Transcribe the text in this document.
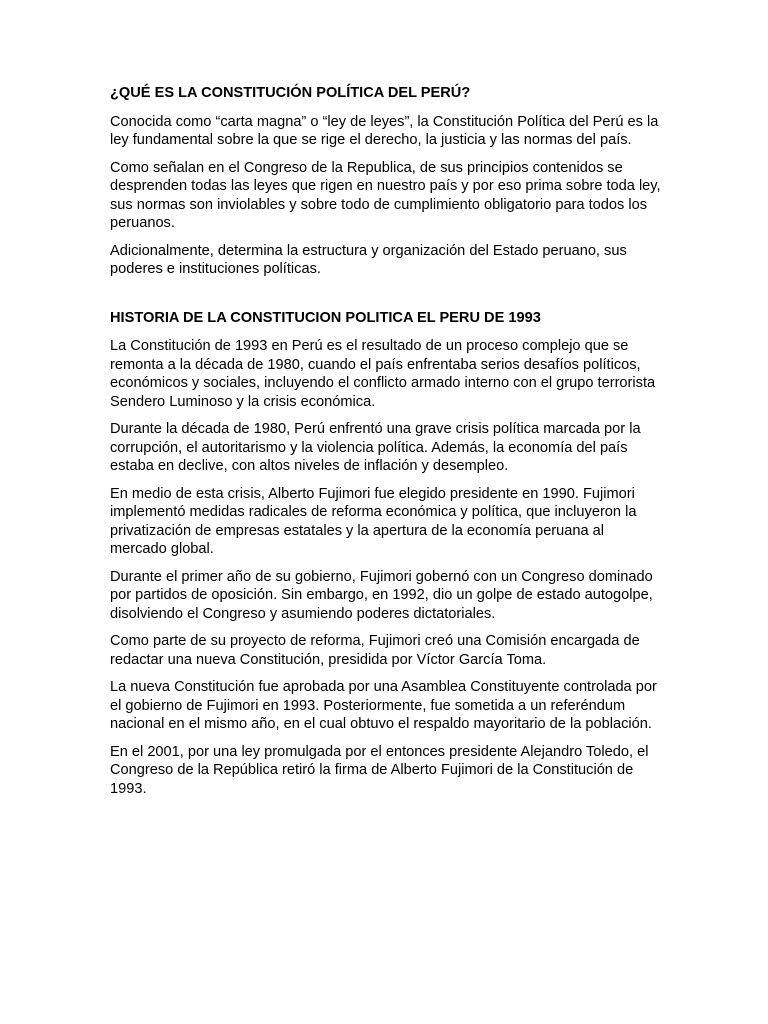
¿QUÉ ES LA CONSTITUCIÓN POLÍTICA DEL PERÚ?

Conocida como “carta magna” o “ley de leyes”, la Constitución Política del Perú es la ley fundamental sobre la que se rige el derecho, la justicia y las normas del país.

Como señalan en el Congreso de la Republica, de sus principios contenidos se desprenden todas las leyes que rigen en nuestro país y por eso prima sobre toda ley, sus normas son inviolables y sobre todo de cumplimiento obligatorio para todos los peruanos.

Adicionalmente, determina la estructura y organización del Estado peruano, sus poderes e instituciones políticas.

HISTORIA DE LA CONSTITUCION POLITICA EL PERU DE 1993

La Constitución de 1993 en Perú es el resultado de un proceso complejo que se remonta a la década de 1980, cuando el país enfrentaba serios desafíos políticos, económicos y sociales, incluyendo el conflicto armado interno con el grupo terrorista Sendero Luminoso y la crisis económica.

Durante la década de 1980, Perú enfrentó una grave crisis política marcada por la corrupción, el autoritarismo y la violencia política. Además, la economía del país estaba en declive, con altos niveles de inflación y desempleo.

En medio de esta crisis, Alberto Fujimori fue elegido presidente en 1990. Fujimori implementó medidas radicales de reforma económica y política, que incluyeron la privatización de empresas estatales y la apertura de la economía peruana al mercado global.

Durante el primer año de su gobierno, Fujimori gobernó con un Congreso dominado por partidos de oposición. Sin embargo, en 1992, dio un golpe de estado autogolpe, disolviendo el Congreso y asumiendo poderes dictatoriales.

Como parte de su proyecto de reforma, Fujimori creó una Comisión encargada de redactar una nueva Constitución, presidida por Víctor García Toma.

La nueva Constitución fue aprobada por una Asamblea Constituyente controlada por el gobierno de Fujimori en 1993. Posteriormente, fue sometida a un referéndum nacional en el mismo año, en el cual obtuvo el respaldo mayoritario de la población.

En el 2001, por una ley promulgada por el entonces presidente Alejandro Toledo, el Congreso de la República retiró la firma de Alberto Fujimori de la Constitución de 1993.
